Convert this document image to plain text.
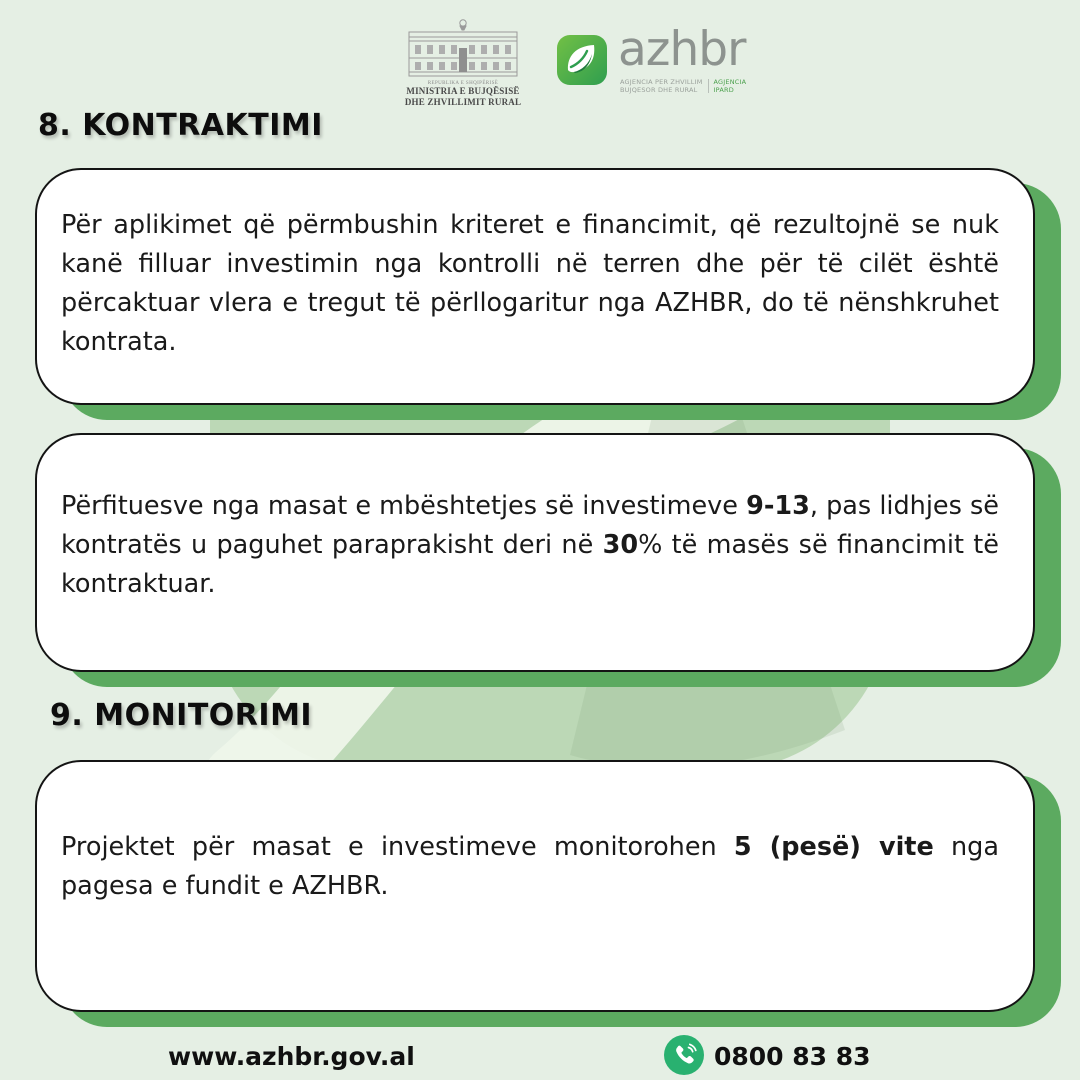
REPUBLIKA E SHQIPËRISË
MINISTRIA E BUJQËSISË
DHE ZHVILLIMIT RURAL
azhbr
AGJENCIA PER ZHVILLIM
BUJQESOR DHE RURAL
AGJENCIA
IPARD
8. KONTRAKTIMI
Për aplikimet që përmbushin kriteret e financimit, që rezultojnë se nuk kanë filluar investimin nga kontrolli në terren dhe për të cilët është përcaktuar vlera e tregut të përllogaritur nga AZHBR, do të nënshkruhet kontrata.
Përfituesve nga masat e mbështetjes së investimeve 9-13, pas lidhjes së kontratës u paguhet paraprakisht deri në 30% të masës së financimit të kontraktuar.
9. MONITORIMI
Projektet për masat e investimeve monitorohen 5 (pesë) vite nga pagesa e fundit e AZHBR.
www.azhbr.gov.al	0800 83 83
